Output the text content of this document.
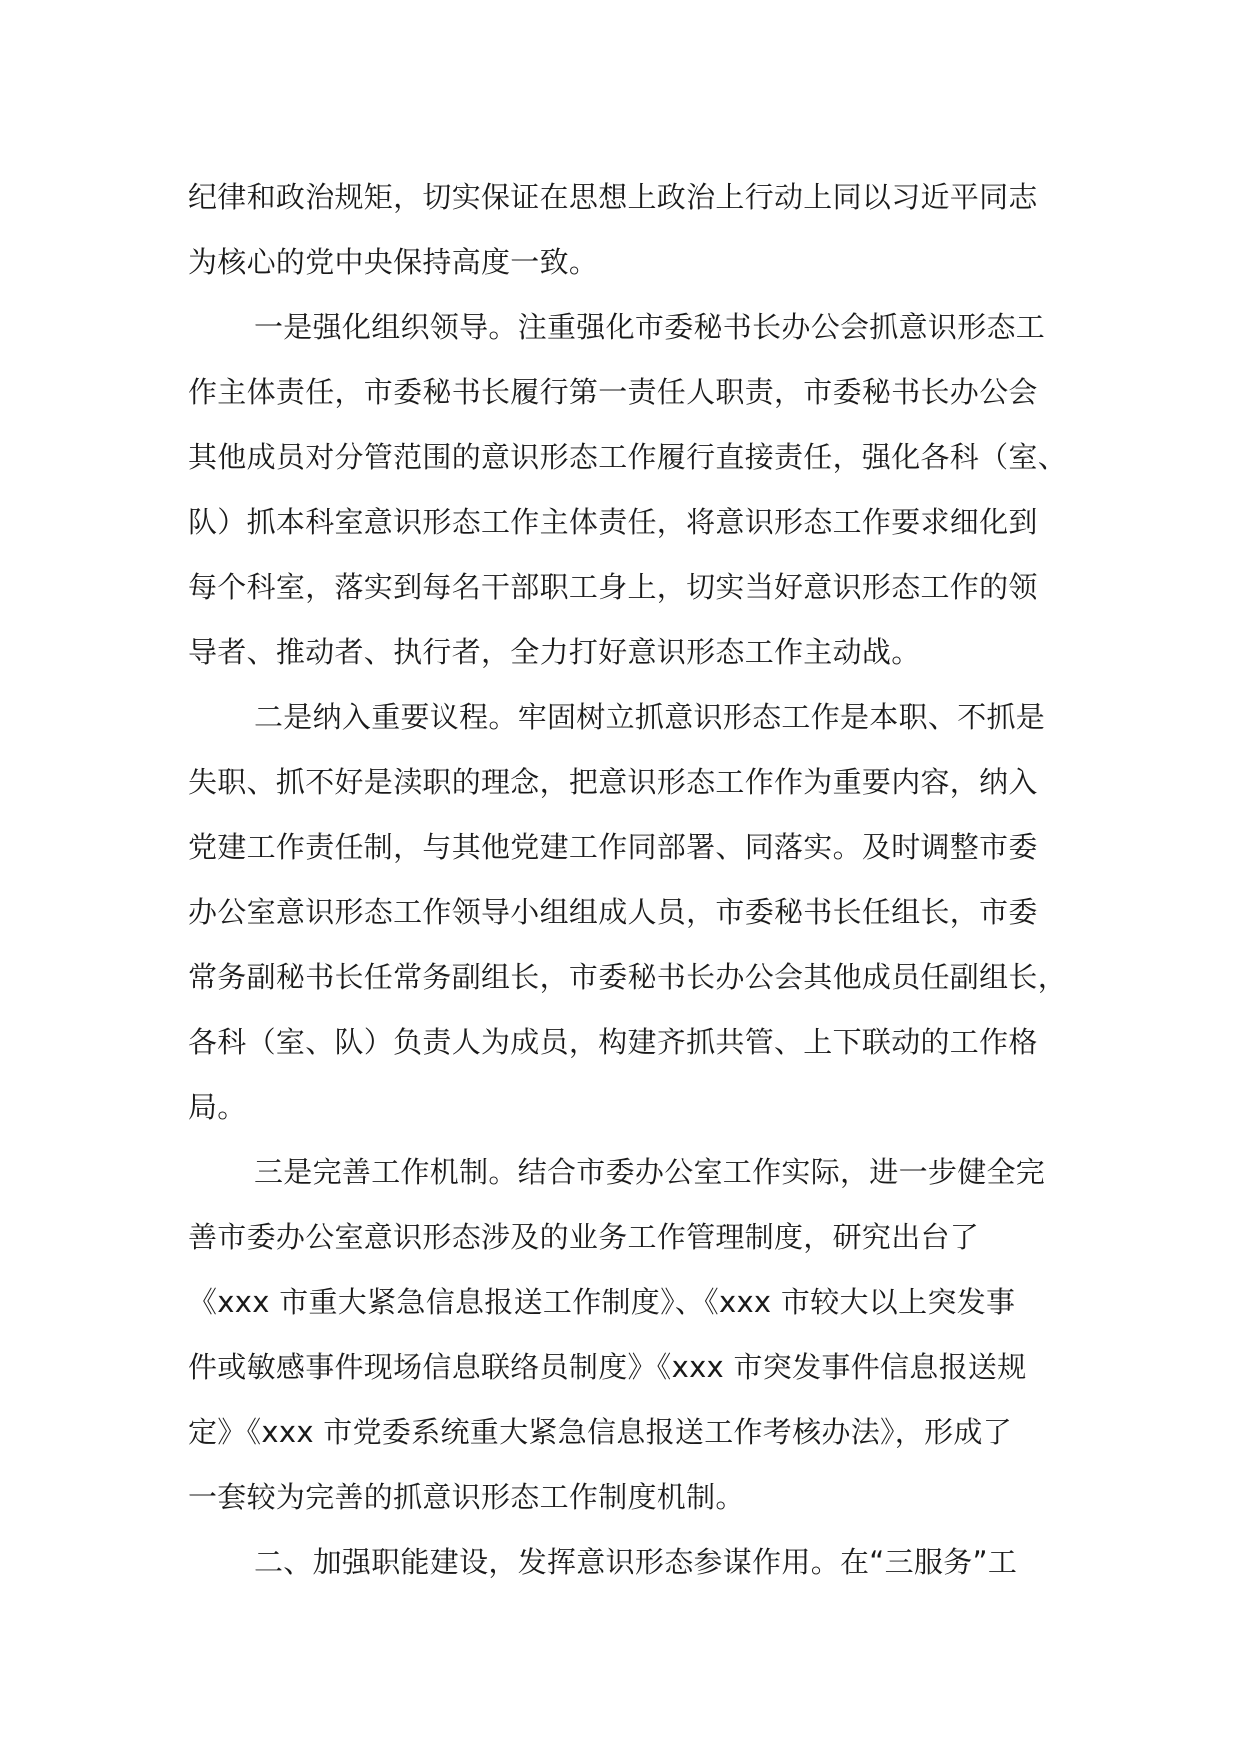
纪律和政治规矩，切实保证在思想上政治上行动上同以习近平同志
为核心的党中央保持高度一致。
一是强化组织领导。注重强化市委秘书长办公会抓意识形态工
作主体责任，市委秘书长履行第一责任人职责，市委秘书长办公会
其他成员对分管范围的意识形态工作履行直接责任，强化各科（室、
队）抓本科室意识形态工作主体责任，将意识形态工作要求细化到
每个科室，落实到每名干部职工身上，切实当好意识形态工作的领
导者、推动者、执行者，全力打好意识形态工作主动战。
二是纳入重要议程。牢固树立抓意识形态工作是本职、不抓是
失职、抓不好是渎职的理念，把意识形态工作作为重要内容，纳入
党建工作责任制，与其他党建工作同部署、同落实。及时调整市委
办公室意识形态工作领导小组组成人员，市委秘书长任组长，市委
常务副秘书长任常务副组长，市委秘书长办公会其他成员任副组长，
各科（室、队）负责人为成员，构建齐抓共管、上下联动的工作格
局。
三是完善工作机制。结合市委办公室工作实际，进一步健全完
善市委办公室意识形态涉及的业务工作管理制度，研究出台了
《xxx 市重大紧急信息报送工作制度》、《xxx 市较大以上突发事
件或敏感事件现场信息联络员制度》《xxx 市突发事件信息报送规
定》《xxx 市党委系统重大紧急信息报送工作考核办法》，形成了
一套较为完善的抓意识形态工作制度机制。
二、加强职能建设，发挥意识形态参谋作用。在“三服务”工
